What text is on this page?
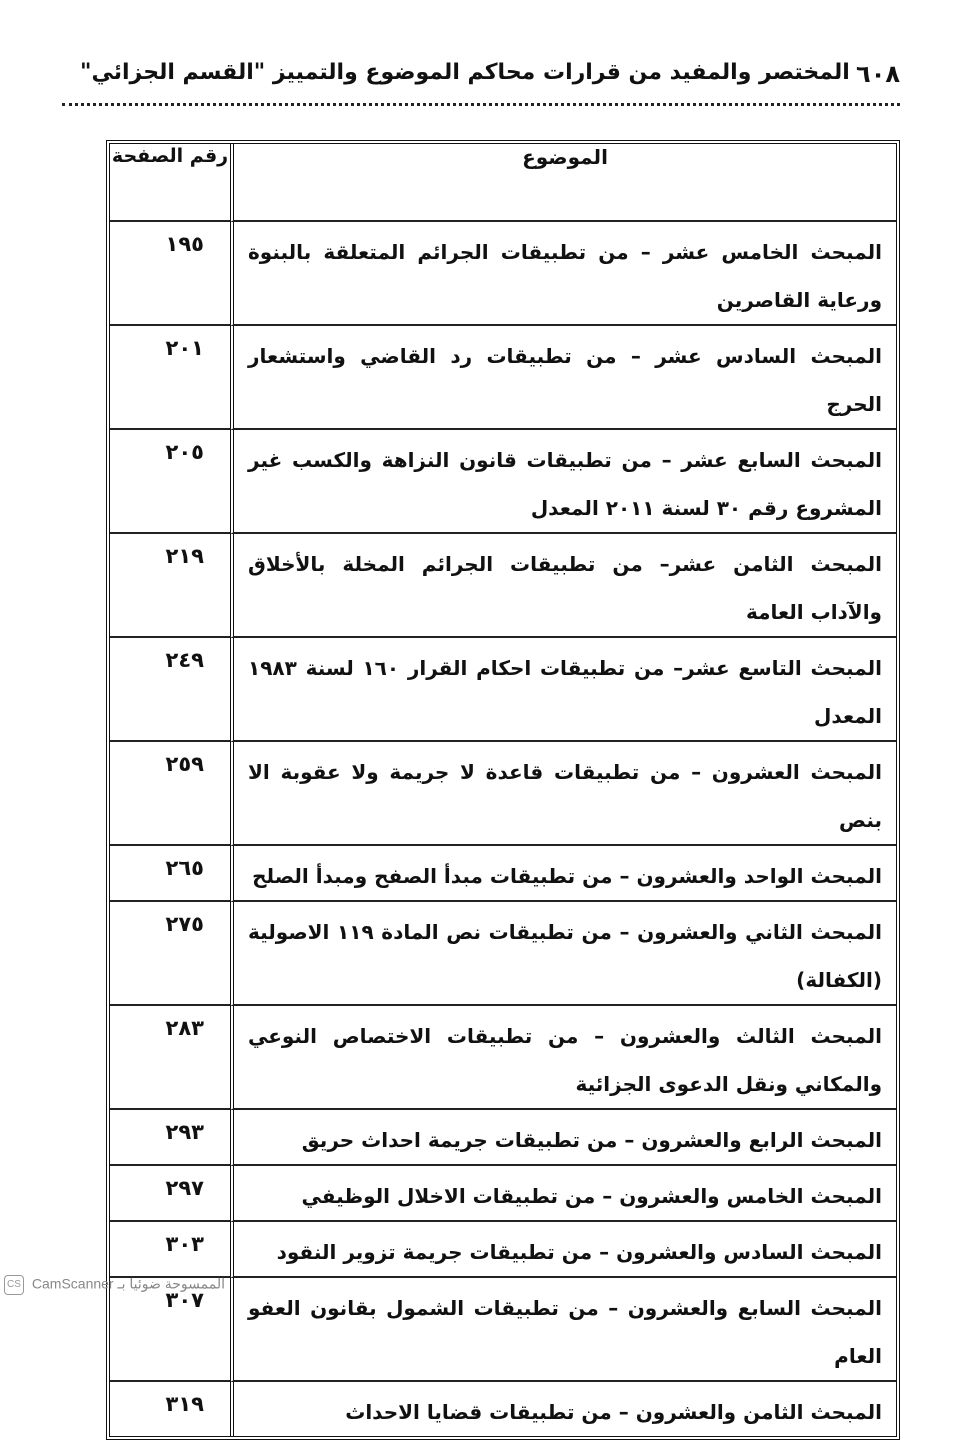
٦٠٨
المختصر والمفيد من قرارات محاكم الموضوع والتمييز "القسم الجزائي"
الموضوع	رقم الصفحة
المبحث الخامس عشر – من تطبيقات الجرائم المتعلقة بالبنوة ورعاية القاصرين	١٩٥
المبحث السادس عشر – من تطبيقات رد القاضي واستشعار الحرج	٢٠١
المبحث السابع عشر – من تطبيقات قانون النزاهة والكسب غير المشروع رقم ٣٠ لسنة ٢٠١١ المعدل	٢٠٥
المبحث الثامن عشر– من تطبيقات الجرائم المخلة بالأخلاق والآداب العامة	٢١٩
المبحث التاسع عشر– من تطبيقات احكام القرار ١٦٠ لسنة ١٩٨٣ المعدل	٢٤٩
المبحث العشرون – من تطبيقات قاعدة لا جريمة ولا عقوبة الا بنص	٢٥٩
المبحث الواحد والعشرون – من تطبيقات مبدأ الصفح ومبدأ الصلح	٢٦٥
المبحث الثاني والعشرون – من تطبيقات نص المادة ١١٩ الاصولية (الكفالة)	٢٧٥
المبحث الثالث والعشرون – من تطبيقات الاختصاص النوعي والمكاني ونقل الدعوى الجزائية	٢٨٣
المبحث الرابع والعشرون – من تطبيقات جريمة احداث حريق	٢٩٣
المبحث الخامس والعشرون – من تطبيقات الاخلال الوظيفي	٢٩٧
المبحث السادس والعشرون – من تطبيقات جريمة تزوير النقود	٣٠٣
المبحث السابع والعشرون – من تطبيقات الشمول بقانون العفو العام	٣٠٧
المبحث الثامن والعشرون – من تطبيقات قضايا الاحداث	٣١٩
CS CamScanner الممسوحة ضوئيا بـ
